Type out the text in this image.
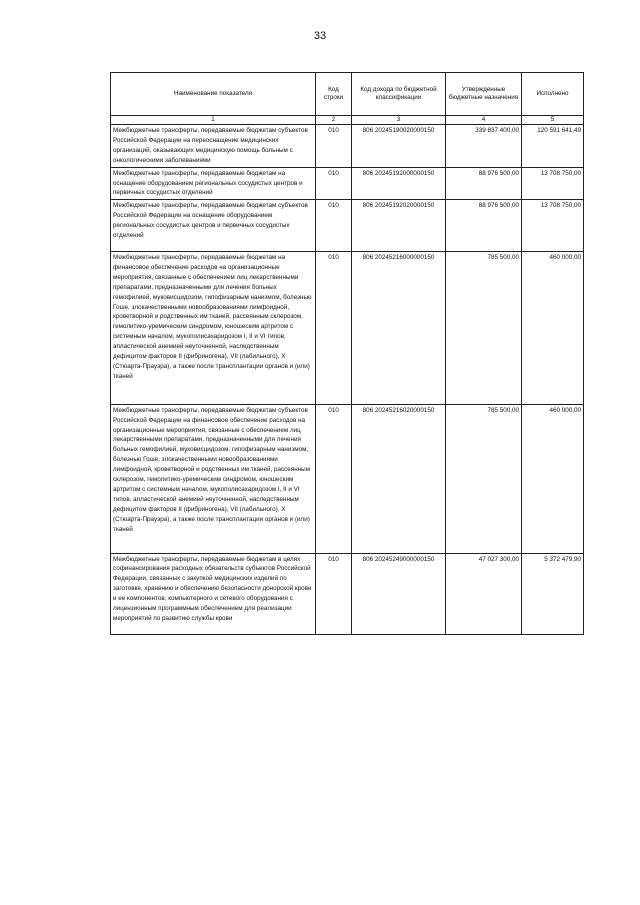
33
Наименование показателя	Код строки	Код дохода по бюджетной классификации	Утвержденные бюджетные назначения	Исполнено
1	2	3	4	5
Межбюджетные трансферты, передаваемые бюджетам субъектов Российской Федерации на переоснащение медицинских организаций, оказывающих медицинскую помощь больным с онкологическими заболеваниями	010	806 20245190020000150	339 837 400,00	120 591 641,49
Межбюджетные трансферты, передаваемые бюджетам на оснащение оборудованием региональных сосудистых центров и первичных сосудистых отделений	010	806 20245192000000150	88 976 500,00	13 708 750,00
Межбюджетные трансферты, передаваемые бюджетам субъектов Российской Федерации на оснащение оборудованием региональных сосудистых центров и первичных сосудистых отделений	010	806 20245192020000150	88 976 500,00	13 708 750,00
Межбюджетные трансферты, передаваемые бюджетам на финансовое обеспечение расходов на организационные мероприятия, связанные с обеспечением лиц лекарственными препаратами, предназначенными для лечения больных гемофилией, муковисцидозом, гипофизарным нанизмом, болезнью Гоше, злокачественными новообразованиями лимфоидной, кроветворной и родственных им тканей, рассеянным склерозом, гемолитико-уремическим синдромом, юношеским артритом с системным началом, мукополисахаридозом I, II и VI типов, апластической анемией неуточненной, наследственным дефицитом факторов II (фибриногена), VII (лабильного), X (Стюарта-Прауэра), а также после трансплантации органов и (или) тканей	010	806 20245216000000150	785 500,00	460 000,00
Межбюджетные трансферты, передаваемые бюджетам субъектов Российской Федерации на финансовое обеспечение расходов на организационные мероприятия, связанные с обеспечением лиц лекарственными препаратами, предназначенными для лечения больных гемофилией, муковисцидозом, гипофизарным нанизмом, болезнью Гоше, злокачественными новообразованиями лимфоидной, кроветворной и родственных им тканей, рассеянным склерозом, гемолитико-уремическим синдромом, юношеским артритом с системным началом, мукополисахаридозом I, II и VI типов, апластической анемией неуточненной, наследственным дефицитом факторов II (фибриногена), VII (лабильного), X (Стюарта-Прауэра), а также после трансплантации органов и (или) тканей	010	806 20245216020000150	785 500,00	460 000,00
Межбюджетные трансферты, передаваемые бюджетам в целях софинансирования расходных обязательств субъектов Российской Федерации, связанных с закупкой медицинских изделий по заготовке, хранению и обеспечению безопасности донорской крови и ее компонентов, компьютерного и сетевого оборудования с лицензионным программным обеспечением для реализации мероприятий по развитию службы крови	010	806 20245249000000150	47 027 300,00	5 372 479,90
